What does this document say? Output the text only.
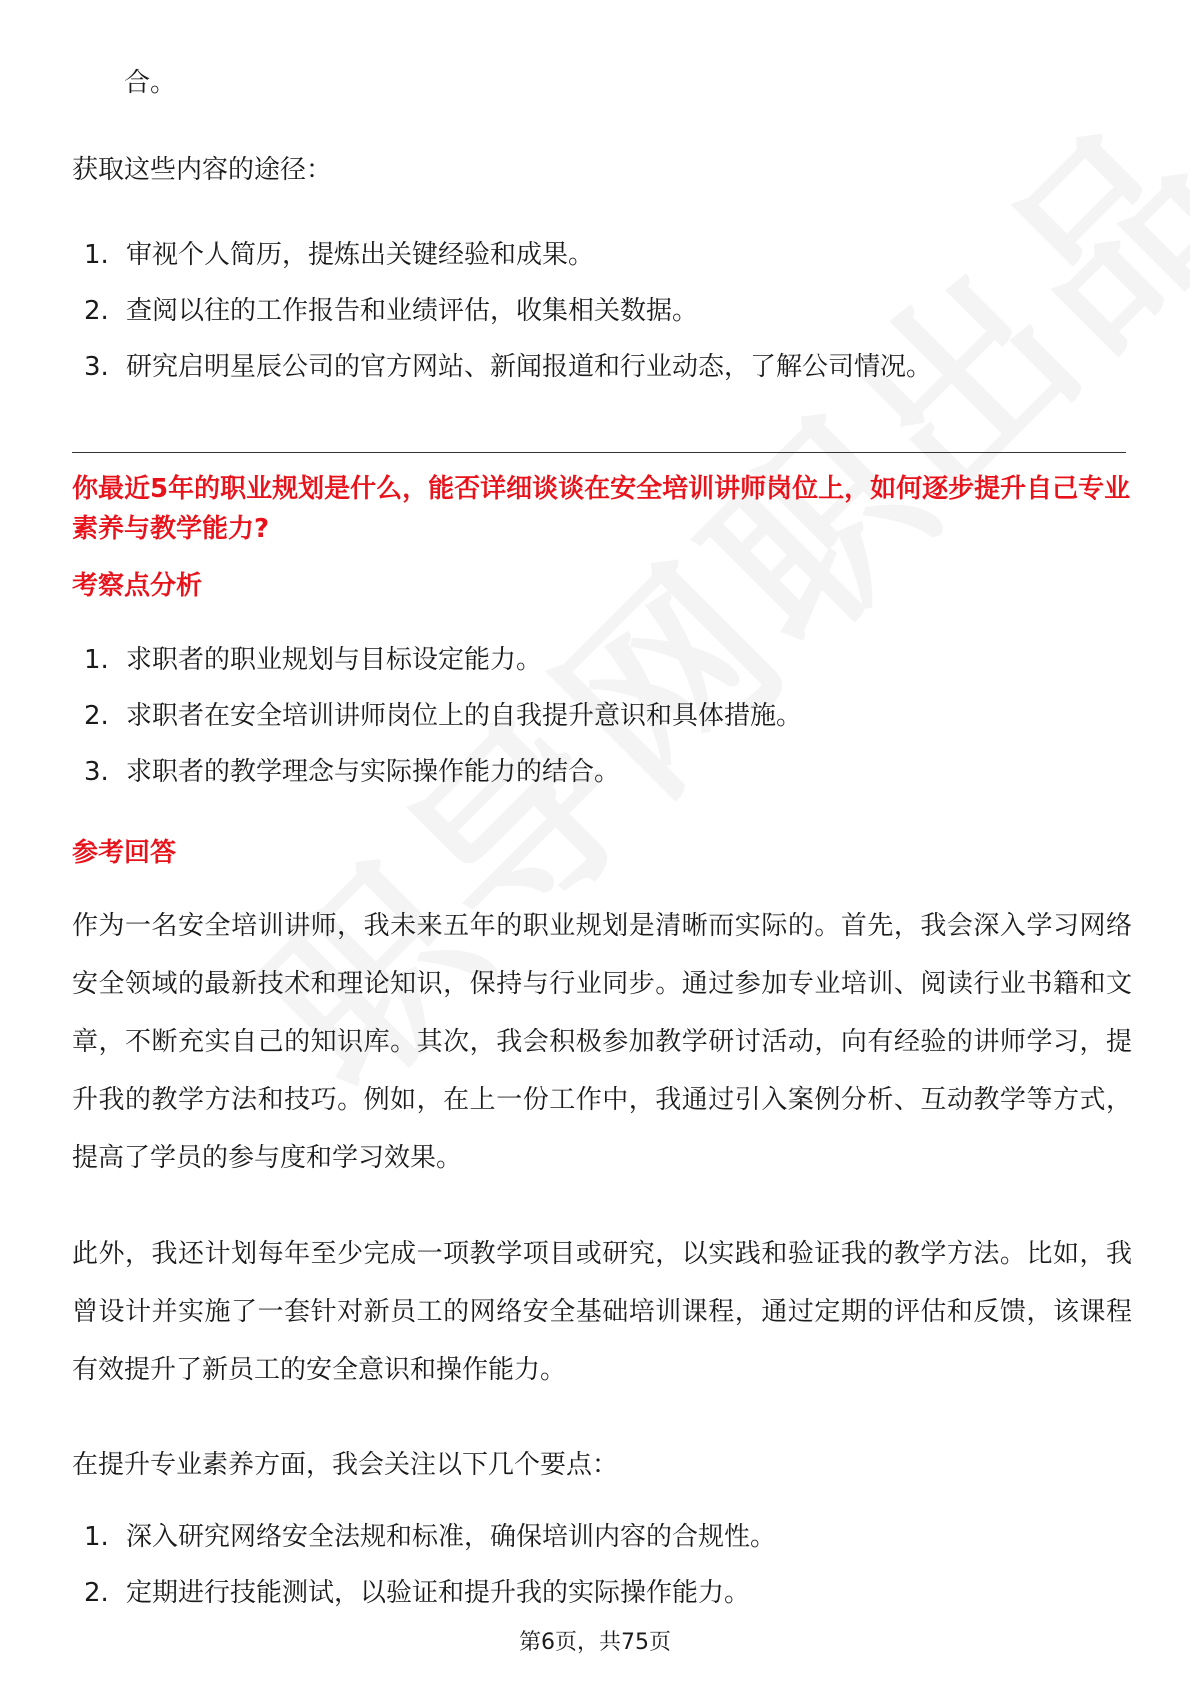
合。
获取这些内容的途径：
1. 审视个人简历，提炼出关键经验和成果。
2. 查阅以往的工作报告和业绩评估，收集相关数据。
3. 研究启明星辰公司的官方网站、新闻报道和行业动态，了解公司情况。
你最近5年的职业规划是什么，能否详细谈谈在安全培训讲师岗位上，如何逐步提升自己专业素养与教学能力?
考察点分析
1. 求职者的职业规划与目标设定能力。
2. 求职者在安全培训讲师岗位上的自我提升意识和具体措施。
3. 求职者的教学理念与实际操作能力的结合。
参考回答
作为一名安全培训讲师，我未来五年的职业规划是清晰而实际的。首先，我会深入学习网络安全领域的最新技术和理论知识，保持与行业同步。通过参加专业培训、阅读行业书籍和文章，不断充实自己的知识库。其次，我会积极参加教学研讨活动，向有经验的讲师学习，提升我的教学方法和技巧。例如，在上一份工作中，我通过引入案例分析、互动教学等方式，提高了学员的参与度和学习效果。
此外，我还计划每年至少完成一项教学项目或研究，以实践和验证我的教学方法。比如，我曾设计并实施了一套针对新员工的网络安全基础培训课程，通过定期的评估和反馈，该课程有效提升了新员工的安全意识和操作能力。
在提升专业素养方面，我会关注以下几个要点：
1. 深入研究网络安全法规和标准，确保培训内容的合规性。
2. 定期进行技能测试，以验证和提升我的实际操作能力。
第6页，共75页
